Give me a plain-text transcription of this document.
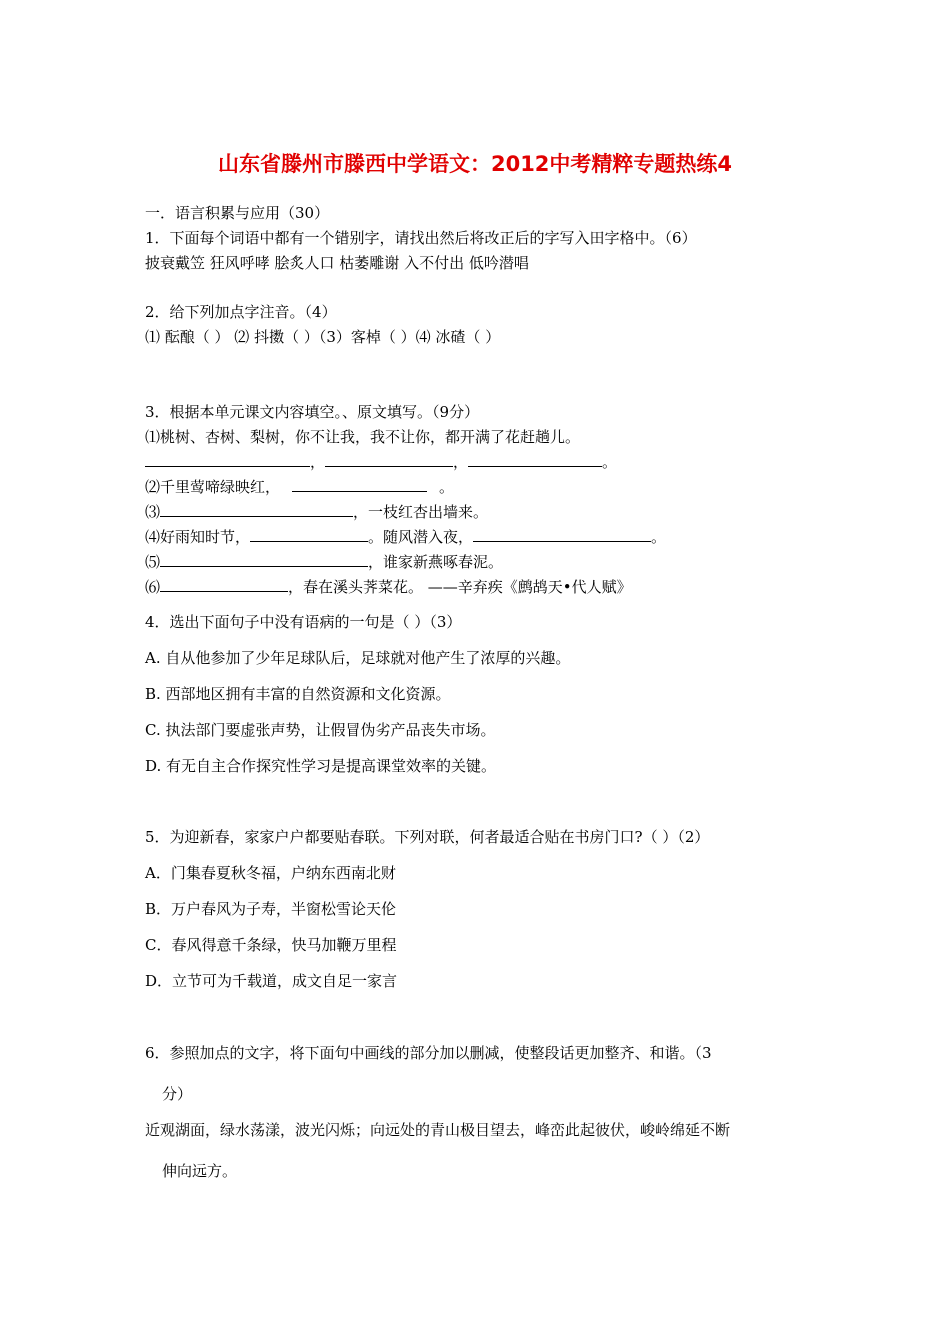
山东省滕州市滕西中学语文：2012中考精粹专题热练4
一．语言积累与应用（30）
1．下面每个词语中都有一个错别字，请找出然后将改正后的字写入田字格中。（6）
披衰戴笠 狂风呼哮 脍炙人口 枯萎雕谢 入不付出 低吟潜唱
2．给下列加点字注音。（4）
⑴ 酝酿（ ） ⑵ 抖擞（ ）（3）客棹（ ）⑷ 冰碴（ ）
3．根据本单元课文内容填空。、原文填写。（9分）
⑴桃树、杏树、梨树，你不让我，我不让你，都开满了花赶趟儿。
，	，	。
⑵千里莺啼绿映红，	。
⑶	，一枝红杏出墙来。
⑷好雨知时节，	。随风潜入夜，	。
⑸	，谁家新燕啄春泥。
⑹	，春在溪头荠菜花。 ——辛弃疾《鹧鸪天•代人赋》
4．选出下面句子中没有语病的一句是（ ）（3）
A. 自从他参加了少年足球队后，足球就对他产生了浓厚的兴趣。
B. 西部地区拥有丰富的自然资源和文化资源。
C. 执法部门要虚张声势，让假冒伪劣产品丧失市场。
D. 有无自主合作探究性学习是提高课堂效率的关键。
5．为迎新春，家家户户都要贴春联。下列对联，何者最适合贴在书房门口?（ ）（2）
A．门集春夏秋冬福，户纳东西南北财
B．万户春风为子寿，半窗松雪论天伦
C．春风得意千条绿，快马加鞭万里程
D．立节可为千载道，成文自足一家言
6．参照加点的文字，将下面句中画线的部分加以删减，使整段话更加整齐、和谐。（3
分）
近观湖面，绿水荡漾，波光闪烁；向远处的青山极目望去，峰峦此起彼伏，峻岭绵延不断
伸向远方。
